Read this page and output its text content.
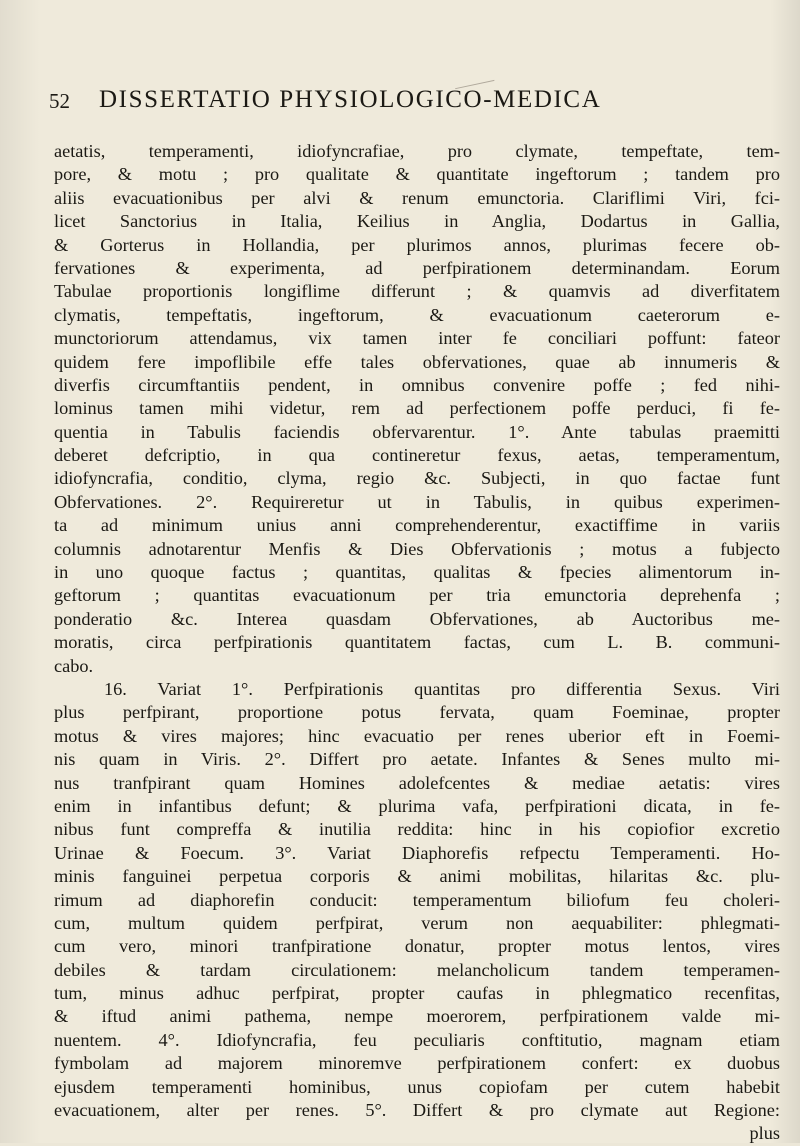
52 DISSERTATIO PHYSIOLOGICO-MEDICA
aetatis, temperamenti, idiofyncrafiae, pro clymate, tempeftate, tem-
pore, & motu ; pro qualitate & quantitate ingeftorum ; tandem pro
aliis evacuationibus per alvi & renum emunctoria. Clariflimi Viri, fci-
licet Sanctorius in Italia, Keilius in Anglia, Dodartus in Gallia,
& Gorterus in Hollandia, per plurimos annos, plurimas fecere ob-
fervationes & experimenta, ad perfpirationem determinandam. Eorum
Tabulae proportionis longiflime differunt ; & quamvis ad diverfitatem
clymatis, tempeftatis, ingeftorum, & evacuationum caeterorum e-
munctoriorum attendamus, vix tamen inter fe conciliari poffunt: fateor
quidem fere impoflibile effe tales obfervationes, quae ab innumeris &
diverfis circumftantiis pendent, in omnibus convenire poffe ; fed nihi-
lominus tamen mihi videtur, rem ad perfectionem poffe perduci, fi fe-
quentia in Tabulis faciendis obfervarentur. 1°. Ante tabulas praemitti
deberet defcriptio, in qua contineretur fexus, aetas, temperamentum,
idiofyncrafia, conditio, clyma, regio &c. Subjecti, in quo factae funt
Obfervationes. 2°. Requireretur ut in Tabulis, in quibus experimen-
ta ad minimum unius anni comprehenderentur, exactiffime in variis
columnis adnotarentur Menfis & Dies Obfervationis ; motus a fubjecto
in uno quoque factus ; quantitas, qualitas & fpecies alimentorum in-
geftorum ; quantitas evacuationum per tria emunctoria deprehenfa ;
ponderatio &c. Interea quasdam Obfervationes, ab Auctoribus me-
moratis, circa perfpirationis quantitatem factas, cum L. B. communi-
cabo.
16. Variat 1°. Perfpirationis quantitas pro differentia Sexus. Viri
plus perfpirant, proportione potus fervata, quam Foeminae, propter
motus & vires majores; hinc evacuatio per renes uberior eft in Foemi-
nis quam in Viris. 2°. Differt pro aetate. Infantes & Senes multo mi-
nus tranfpirant quam Homines adolefcentes & mediae aetatis: vires
enim in infantibus defunt; & plurima vafa, perfpirationi dicata, in fe-
nibus funt compreffa & inutilia reddita: hinc in his copiofior excretio
Urinae & Foecum. 3°. Variat Diaphorefis refpectu Temperamenti. Ho-
minis fanguinei perpetua corporis & animi mobilitas, hilaritas &c. plu-
rimum ad diaphorefin conducit: temperamentum biliofum feu choleri-
cum, multum quidem perfpirat, verum non aequabiliter: phlegmati-
cum vero, minori tranfpiratione donatur, propter motus lentos, vires
debiles & tardam circulationem: melancholicum tandem temperamen-
tum, minus adhuc perfpirat, propter caufas in phlegmatico recenfitas,
& iftud animi pathema, nempe moerorem, perfpirationem valde mi-
nuentem. 4°. Idiofyncrafia, feu peculiaris conftitutio, magnam etiam
fymbolam ad majorem minoremve perfpirationem confert: ex duobus
ejusdem temperamenti hominibus, unus copiofam per cutem habebit
evacuationem, alter per renes. 5°. Differt & pro clymate aut Regione:
plus
